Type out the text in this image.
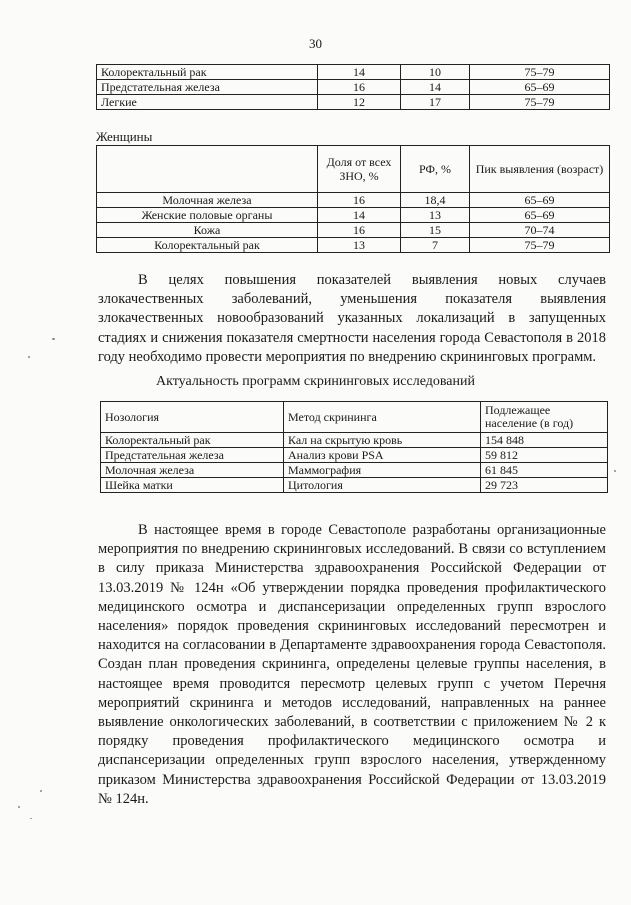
30
Колоректальный рак	14	10	75–79
Предстательная железа	16	14	65–69
Легкие	12	17	75–79
Женщины
	Доля от всех ЗНО, %	РФ, %	Пик выявления (возраст)
Молочная железа	16	18,4	65–69
Женские половые органы	14	13	65–69
Кожа	16	15	70–74
Колоректальный рак	13	7	75–79
В целях повышения показателей выявления новых случаев злокачественных заболеваний, уменьшения показателя выявления злокачественных новообразований указанных локализаций в запущенных стадиях и снижения показателя смертности населения города Севастополя в 2018 году необходимо провести мероприятия по внедрению скрининговых программ.
Актуальность программ скрининговых исследований
Нозология	Метод скрининга	Подлежащее население (в год)
Колоректальный рак	Кал на скрытую кровь	154 848
Предстательная железа	Анализ крови PSA	59 812
Молочная железа	Маммография	61 845
Шейка матки	Цитология	29 723
В настоящее время в городе Севастополе разработаны организационные мероприятия по внедрению скрининговых исследований. В связи со вступлением в силу приказа Министерства здравоохранения Российской Федерации от 13.03.2019 № 124н «Об утверждении порядка проведения профилактического медицинского осмотра и диспансеризации определенных групп взрослого населения» порядок проведения скрининговых исследований пересмотрен и находится на согласовании в Департаменте здравоохранения города Севастополя. Создан план проведения скрининга, определены целевые группы населения, в настоящее время проводится пересмотр целевых групп с учетом Перечня мероприятий скрининга и методов исследований, направленных на раннее выявление онкологических заболеваний, в соответствии с приложением № 2 к порядку проведения профилактического медицинского осмотра и диспансеризации определенных групп взрослого населения, утвержденному приказом Министерства здравоохранения Российской Федерации от 13.03.2019 № 124н.
